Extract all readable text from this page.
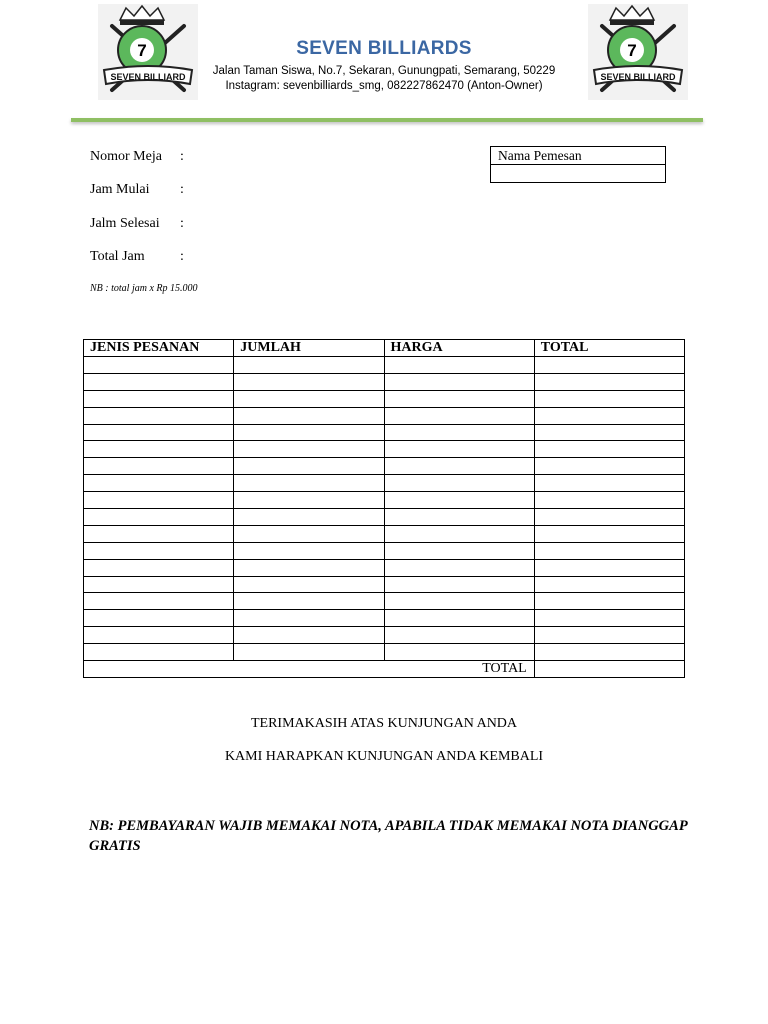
7
SEVEN BILLIARD
SEVEN BILLIARDS
Jalan Taman Siswa, No.7, Sekaran, Gunungpati, Semarang, 50229
Instagram: sevenbilliards_smg, 082227862470 (Anton-Owner)
7
SEVEN BILLIARD
Nomor Meja :
Jam Mulai :
Jalm Selesai :
Total Jam	:
NB : total jam x Rp 15.000
Nama Pemesan
JENIS PESANAN	JUMLAH	HARGA	TOTAL

TOTAL			
TERIMAKASIH ATAS KUNJUNGAN ANDA
KAMI HARAPKAN KUNJUNGAN ANDA KEMBALI
NB: PEMBAYARAN WAJIB MEMAKAI NOTA, APABILA TIDAK MEMAKAI NOTA DIANGGAP GRATIS
